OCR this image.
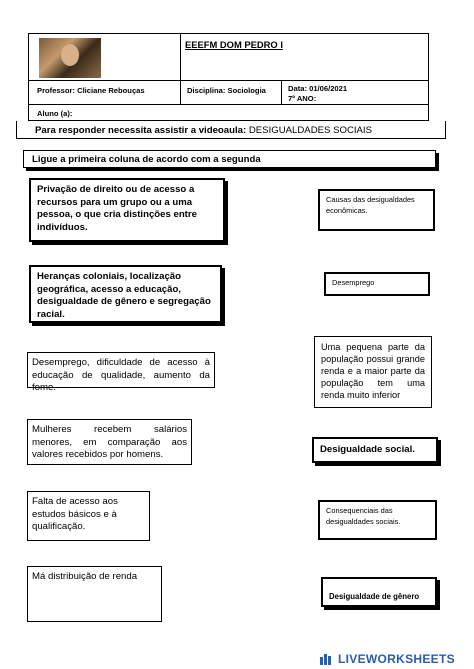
EEEFM DOM PEDRO I
Professor: Cliciane Rebouças	Disciplina: Sociologia	Data: 01/06/2021
7º ANO:
Aluno (a):
Para responder necessita assistir a videoaula: DESIGUALDADES SOCIAIS
Ligue a primeira coluna de acordo com a segunda
Privação de direito ou de acesso a recursos para um grupo ou a uma pessoa, o que cria distinções entre indivíduos.
Heranças coloniais, localização geográfica, acesso a educação, desigualdade de gênero e segregação racial.
Desemprego, dificuldade de acesso à educação de qualidade, aumento da fome.
Mulheres recebem salários menores, em comparação aos valores recebidos por homens.
Falta de acesso aos estudos básicos e à qualificação.
Má distribuição de renda
Causas das desigualdades econômicas.
Desemprego
Uma pequena parte da população possui grande renda e a maior parte da população tem uma renda muito inferior
Desigualdade social.
Consequenciais das desigualdades sociais.
Desigualdade de gênero
LIVEWORKSHEETS
